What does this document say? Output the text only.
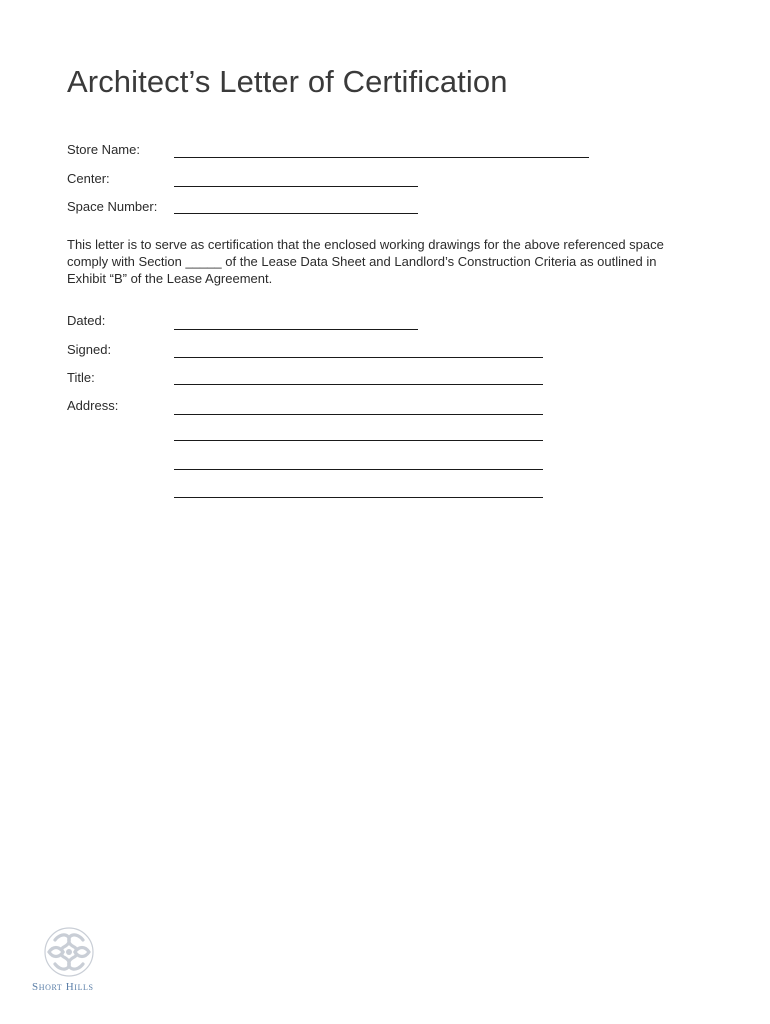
Architect’s Letter of Certification
Store Name:
Center:
Space Number:

This letter is to serve as certification that the enclosed working drawings for the above referenced space
comply with Section _____ of the Lease Data Sheet and Landlord’s Construction Criteria as outlined in
Exhibit “B” of the Lease Agreement.

Dated:
Signed:
Title:
Address:
Short Hills
